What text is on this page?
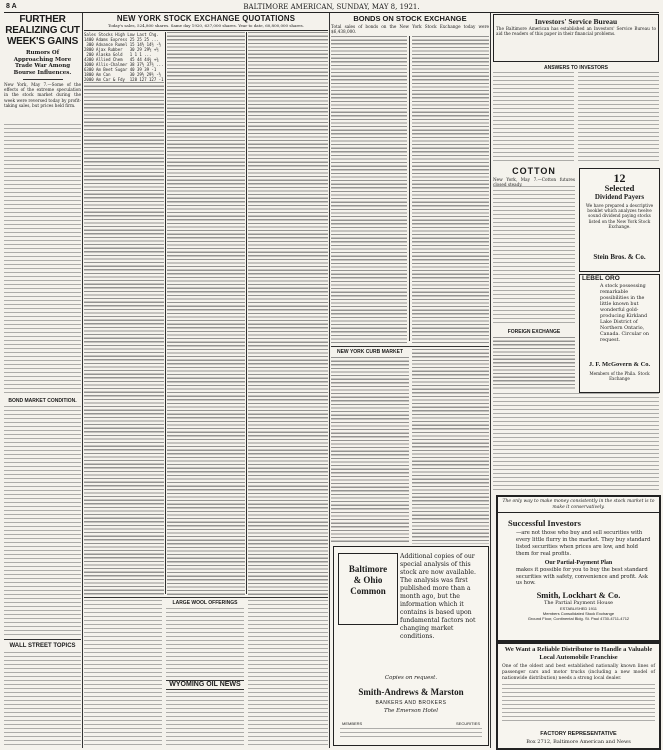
8 A	BALTIMORE AMERICAN, SUNDAY, MAY 8, 1921.
FURTHER REALIZING CUT WEEK'S GAINS
Rumors Of Approaching More Trade War Among Bourse Influences.
New York, May 7.—Some of the effects of the extreme speculation in the stock market during the week were reversed today by profit-taking sales, but prices held firm.
BOND MARKET CONDITION.
WALL STREET TOPICS
NEW YORK STOCK EXCHANGE QUOTATIONS
Today's sales, 524,800 shares. Same day 1920, 637,000 shares. Year to date, 60,800,000 shares.
Sales Stocks High Low Last Chg.
1400 Adams Express 25 25 25 ...
300 Advance Rumel 15 14½ 14½ -½
2800 Ajax Rubber   30 29 29½ +½
200 Alaska Gold   1 1 1 ...
4300 Allied Chem   45 44 44¾ +¾
1000 Allis-Chalmer 38 37½ 37½ ...
6300 Am Beet Sugar 40 39 39 -1
1800 Am Can        30 29½ 29½ -½
2000 Am Car & Fdy  128 127 127 -1
LARGE WOOL OFFERINGS
WYOMING OIL NEWS
BONDS ON STOCK EXCHANGE
Total sales of bonds on the New York Stock Exchange today were $6,438,000.
NEW YORK CURB MARKET
Baltimore
& Ohio
Common
Additional copies of our special analysis of this stock are now available. The analysis was first published more than a month ago, but the information which it contains is based upon fundamental factors not changing market conditions.
Copies on request.
Smith-Andrews & Marston
BANKERS AND BROKERS
The Emerson Hotel
MEMBERS	SECURITIES
Investors' Service Bureau
The Baltimore American has established an Investors' Service Bureau to aid the readers of this paper in their financial problems.
ANSWERS TO INVESTORS
COTTON
New York, May 7.—Cotton futures closed steady.
FOREIGN EXCHANGE
12
Selected
Dividend Payers
We have prepared a descriptive booklet which analyzes twelve sound dividend paying stocks listed on the New York Stock Exchange.
Stein Bros. & Co.
LEBEL ORO
A stock possessing remarkable possibilities in the little known but wonderful gold-producing Kirkland Lake District of Northern Ontario, Canada. Circular on request.
J. F. McGovern & Co.
Members of the Phila. Stock Exchange
The only way to make money consistently in the stock market is to make it conservatively.
Successful Investors
—are not those who buy and sell securities with every little flurry in the market. They buy standard listed securities when prices are low, and hold them for real profits.
Our Partial-Payment Plan
makes it possible for you to buy the best standard securities with safety, convenience and profit. Ask us how.
Smith, Lockhart & Co.
The Partial Payment House
ESTABLISHED 1911
Members Consolidated Stock Exchange
Ground Floor, Continental Bldg. St. Paul 4730-4711-4712
We Want a Reliable Distributor to Handle a Valuable Local Automobile Franchise
One of the oldest and best established nationally known lines of passenger cars and motor trucks (including a new model of nationwide distribution) needs a strong local dealer.
FACTORY REPRESENTATIVE
Box 2712, Baltimore American and News
